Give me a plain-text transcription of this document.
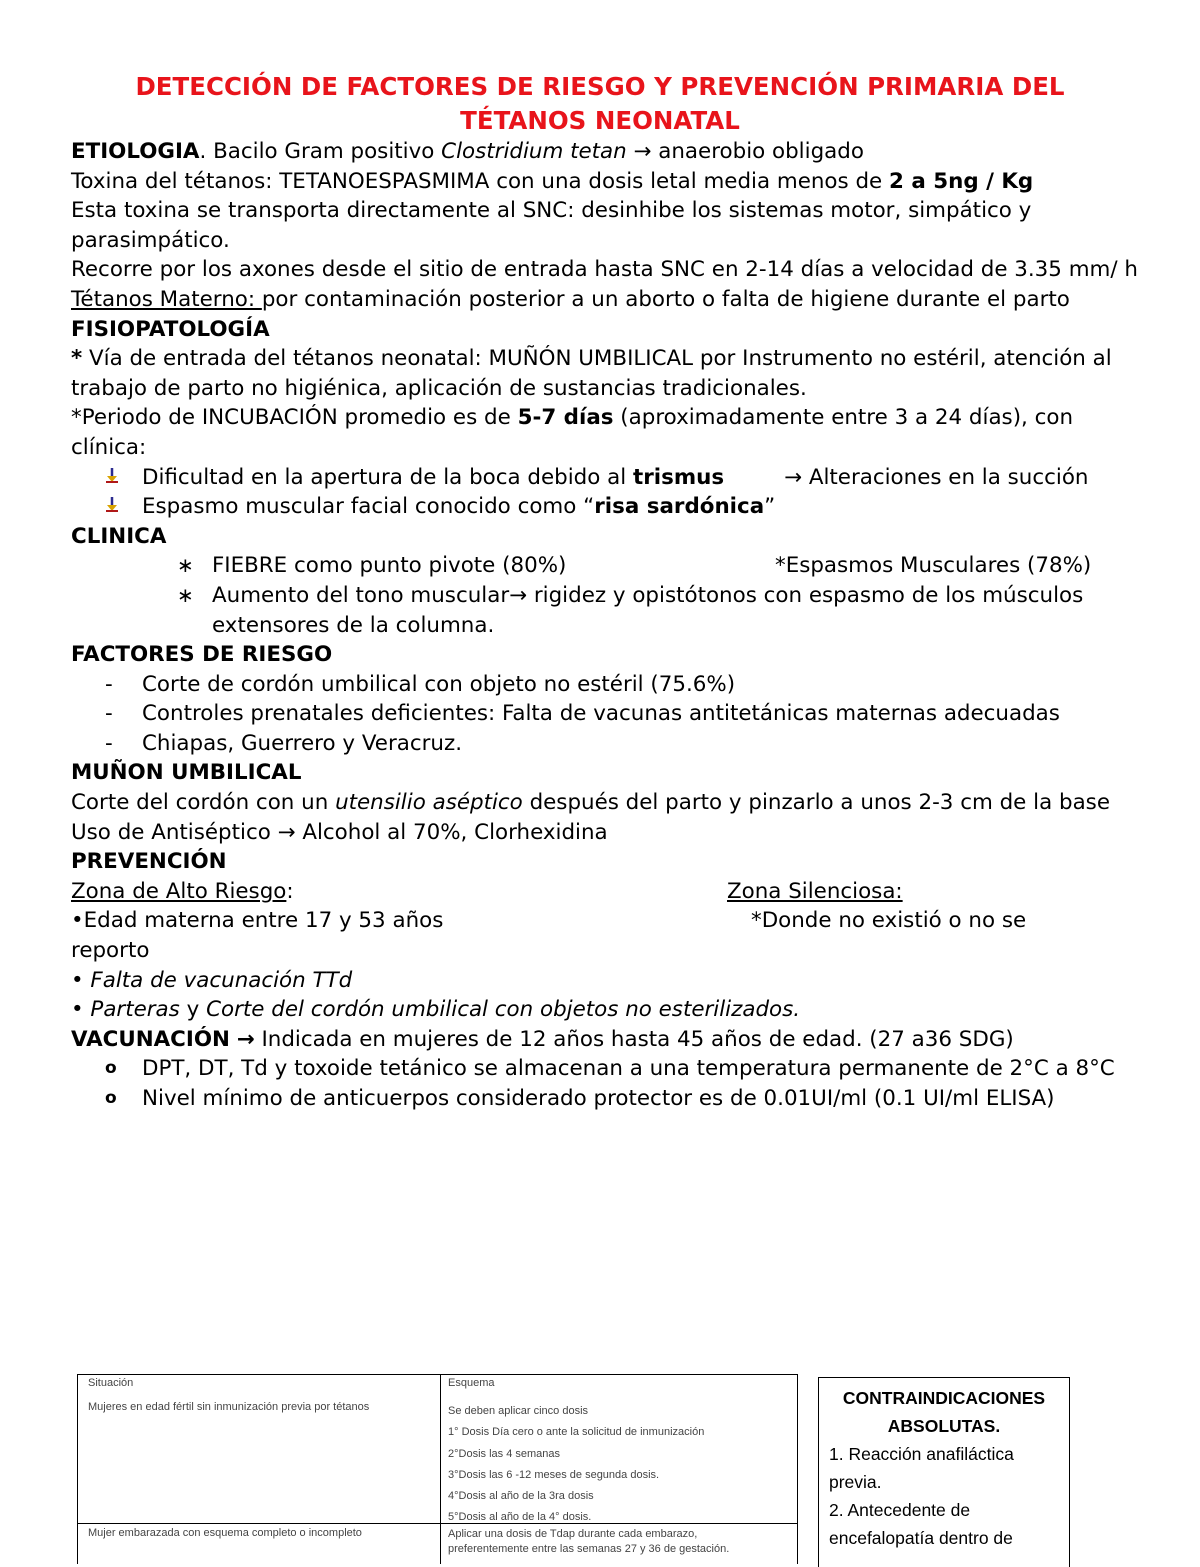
DETECCIÓN DE FACTORES DE RIESGO Y PREVENCIÓN PRIMARIA DEL
TÉTANOS NEONATAL

ETIOLOGIA. Bacilo Gram positivo Clostridium tetan → anaerobio obligado

Toxina del tétanos: TETANOESPASMIMA con una dosis letal media menos de 2 a 5ng / Kg

Esta toxina se transporta directamente al SNC: desinhibe los sistemas motor, simpático y parasimpático.

Recorre por los axones desde el sitio de entrada hasta SNC en 2-14 días a velocidad de 3.35 mm/ h

Tétanos Materno: por contaminación posterior a un aborto o falta de higiene durante el parto

FISIOPATOLOGÍA

* Vía de entrada del tétanos neonatal: MUÑÓN UMBILICAL por Instrumento no estéril, atención al trabajo de parto no higiénica, aplicación de sustancias tradicionales.

*Periodo de INCUBACIÓN promedio es de 5-7 días (aproximadamente entre 3 a 24 días), con clínica:

Dificultad en la apertura de la boca debido al trismus	→ Alteraciones en la succión
Espasmo muscular facial conocido como “risa sardónica”

CLINICA

∗ FIEBRE como punto pivote (80%)	*Espasmos Musculares (78%)
∗ Aumento del tono muscular→ rigidez y opistótonos con espasmo de los músculos extensores de la columna.

FACTORES DE RIESGO

- Corte de cordón umbilical con objeto no estéril (75.6%)
- Controles prenatales deficientes: Falta de vacunas antitetánicas maternas adecuadas
- Chiapas, Guerrero y Veracruz.

MUÑON UMBILICAL

Corte del cordón con un utensilio aséptico después del parto y pinzarlo a unos 2-3 cm de la base

Uso de Antiséptico → Alcohol al 70%, Clorhexidina

PREVENCIÓN

Zona de Alto Riesgo:	Zona Silenciosa:

•Edad materna entre 17 y 53 años	*Donde no existió o no se

reporto

• Falta de vacunación TTd

• Parteras y Corte del cordón umbilical con objetos no esterilizados.

VACUNACIÓN → Indicada en mujeres de 12 años hasta 45 años de edad. (27 a36 SDG)

o DPT, DT, Td y toxoide tetánico se almacenan a una temperatura permanente de 2°C a 8°C
o Nivel mínimo de anticuerpos considerado protector es de 0.01UI/ml (0.1 UI/ml ELISA)
Situación	Esquema
Mujeres en edad fértil sin inmunización previa por tétanos	Se deben aplicar cinco dosis
1° Dosis Día cero o ante la solicitud de inmunización
2°Dosis las 4 semanas
3°Dosis las 6 -12 meses de segunda dosis.
4°Dosis al año de la 3ra dosis
5°Dosis al año de la 4° dosis.
Mujer embarazada con esquema completo o incompleto	Aplicar una dosis de Tdap durante cada embarazo,
preferentemente entre las semanas 27 y 36 de gestación.
CONTRAINDICACIONES
ABSOLUTAS.
1. Reacción anafiláctica
previa.
2. Antecedente de
encefalopatía dentro de
